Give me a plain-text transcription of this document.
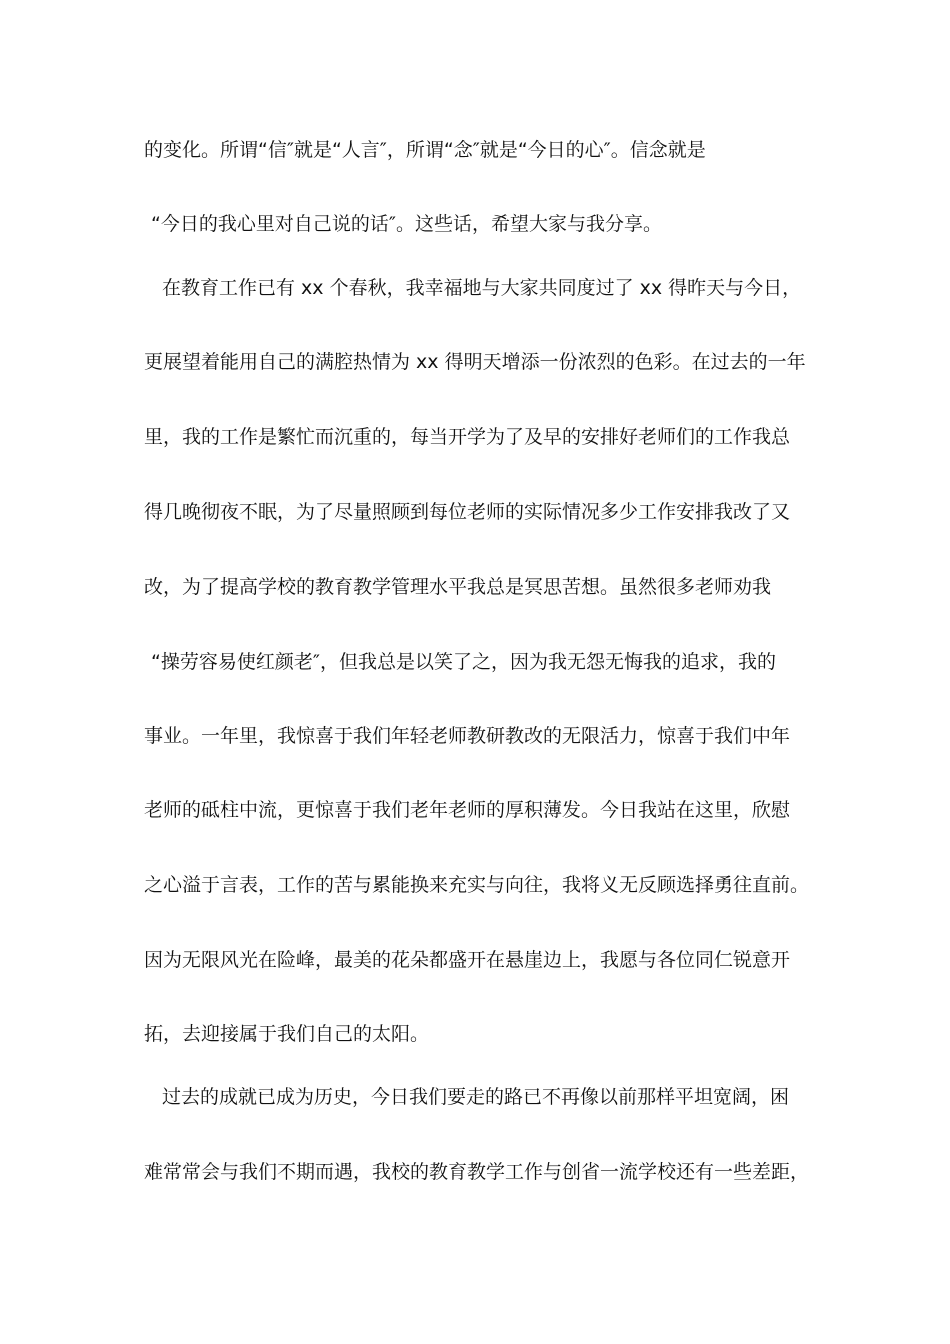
的变化。所谓“信″就是“人言″，所谓“念″就是“今日的心″。信念就是
“今日的我心里对自己说的话″。这些话，希望大家与我分享。
在教育工作已有 xx 个春秋，我幸福地与大家共同度过了 xx 得昨天与今日，
更展望着能用自己的满腔热情为 xx 得明天增添一份浓烈的色彩。在过去的一年
里，我的工作是繁忙而沉重的，每当开学为了及早的安排好老师们的工作我总
得几晚彻夜不眠，为了尽量照顾到每位老师的实际情况多少工作安排我改了又
改，为了提高学校的教育教学管理水平我总是冥思苦想。虽然很多老师劝我
“操劳容易使红颜老″，但我总是以笑了之，因为我无怨无悔我的追求，我的
事业。一年里，我惊喜于我们年轻老师教研教改的无限活力，惊喜于我们中年
老师的砥柱中流，更惊喜于我们老年老师的厚积薄发。今日我站在这里，欣慰
之心溢于言表，工作的苦与累能换来充实与向往，我将义无反顾选择勇往直前。
因为无限风光在险峰，最美的花朵都盛开在悬崖边上，我愿与各位同仁锐意开
拓，去迎接属于我们自己的太阳。
过去的成就已成为历史，今日我们要走的路已不再像以前那样平坦宽阔，困
难常常会与我们不期而遇，我校的教育教学工作与创省一流学校还有一些差距，
